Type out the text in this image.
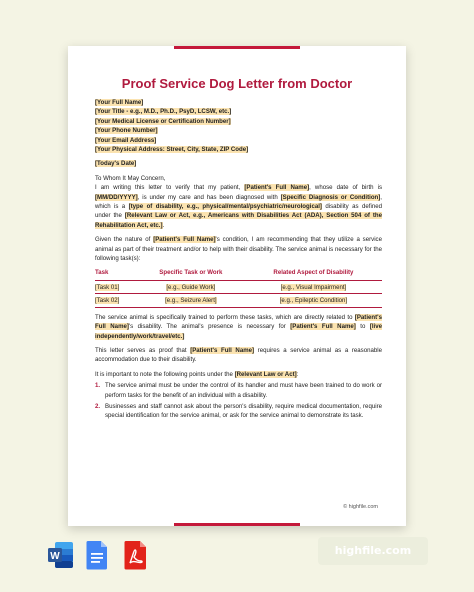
Proof Service Dog Letter from Doctor
[Your Full Name]
[Your Title - e.g., M.D., Ph.D., PsyD, LCSW, etc.]
[Your Medical License or Certification Number]
[Your Phone Number]
[Your Email Address]
[Your Physical Address: Street, City, State, ZIP Code]
[Today's Date]
To Whom It May Concern,
I am writing this letter to verify that my patient, [Patient's Full Name], whose date of birth is [MM/DD/YYYY], is under my care and has been diagnosed with [Specific Diagnosis or Condition], which is a [type of disability, e.g., physical/mental/psychiatric/neurological] disability as defined under the [Relevant Law or Act, e.g., Americans with Disabilities Act (ADA), Section 504 of the Rehabilitation Act, etc.].
Given the nature of [Patient's Full Name]'s condition, I am recommending that they utilize a service animal as part of their treatment and/or to help with their disability. The service animal is necessary for the following task(s):
Task	Specific Task or Work	Related Aspect of Disability
[Task 01]	[e.g., Guide Work]	[e.g., Visual Impairment]
[Task 02]	[e.g., Seizure Alert]	[e.g., Epileptic Condition]
The service animal is specifically trained to perform these tasks, which are directly related to [Patient's Full Name]'s disability. The animal's presence is necessary for [Patient's Full Name] to [live independently/work/travel/etc.]
This letter serves as proof that [Patient's Full Name] requires a service animal as a reasonable accommodation due to their disability.
It is important to note the following points under the [Relevant Law or Act]:
1. The service animal must be under the control of its handler and must have been trained to do work or perform tasks for the benefit of an individual with a disability.
2. Businesses and staff cannot ask about the person's disability, require medical documentation, require special identification for the service animal, or ask for the service animal to demonstrate its task.
© highfile.com
W	highfile.com
